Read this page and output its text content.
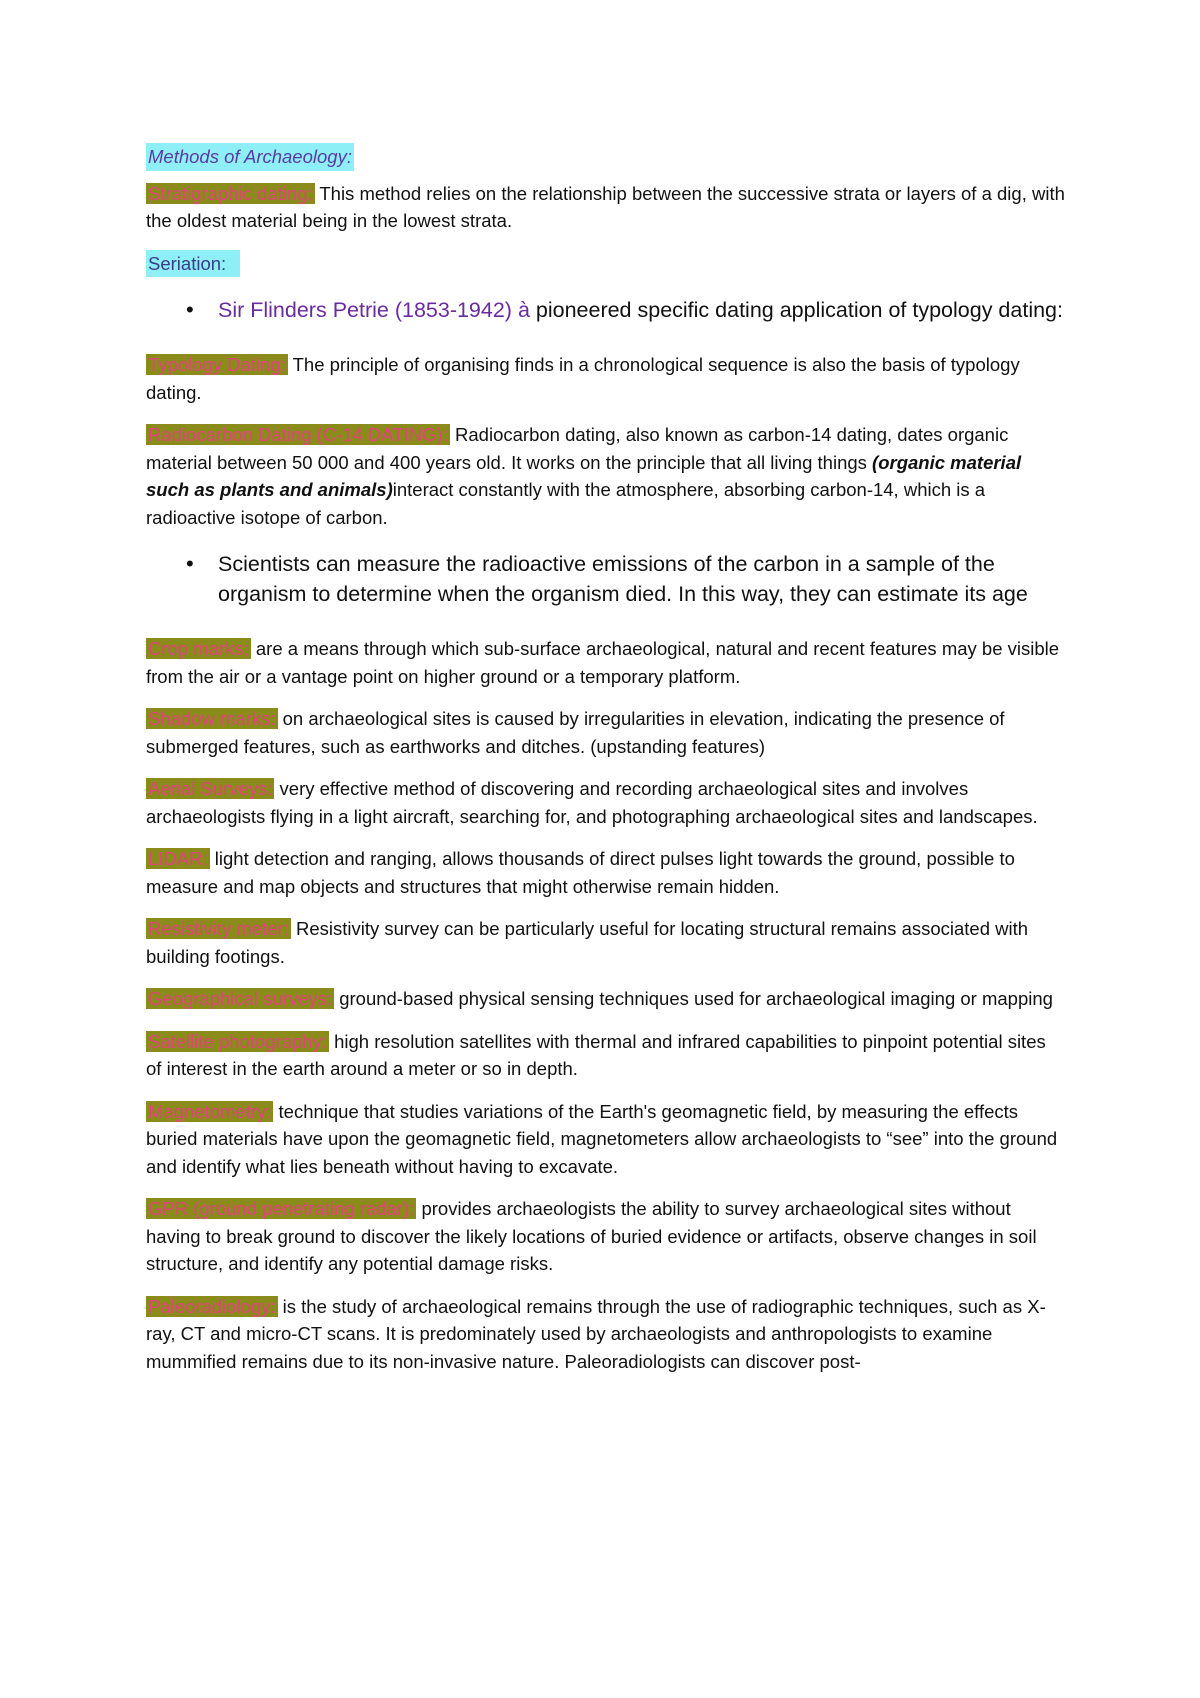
Methods of Archaeology:

Stratigraphic dating: This method relies on the relationship between the successive strata or layers of a dig, with the oldest material being in the lowest strata.

Seriation:
• Sir Flinders Petrie (1853-1942) à pioneered specific dating application of typology dating:

Typology Dating: The principle of organising finds in a chronological sequence is also the basis of typology dating.

Radiocarbon Dating (C-14 DATING): Radiocarbon dating, also known as carbon-14 dating, dates organic material between 50 000 and 400 years old. It works on the principle that all living things (organic material such as plants and animals)interact constantly with the atmosphere, absorbing carbon-14, which is a radioactive isotope of carbon.

• Scientists can measure the radioactive emissions of the carbon in a sample of the organism to determine when the organism died. In this way, they can estimate its age

Crop marks: are a means through which sub-surface archaeological, natural and recent features may be visible from the air or a vantage point on higher ground or a temporary platform.

Shadow marks: on archaeological sites is caused by irregularities in elevation, indicating the presence of submerged features, such as earthworks and ditches. (upstanding features)

Aerial Surveys: very effective method of discovering and recording archaeological sites and involves archaeologists flying in a light aircraft, searching for, and photographing archaeological sites and landscapes.

LIDAR: light detection and ranging, allows thousands of direct pulses light towards the ground, possible to measure and map objects and structures that might otherwise remain hidden.

Resistivity meter: Resistivity survey can be particularly useful for locating structural remains associated with building footings.

Geographical surveys: ground-based physical sensing techniques used for archaeological imaging or mapping

Satellite photography: high resolution satellites with thermal and infrared capabilities to pinpoint potential sites of interest in the earth around a meter or so in depth.

Magnetometry: technique that studies variations of the Earth's geomagnetic field, by measuring the effects buried materials have upon the geomagnetic field, magnetometers allow archaeologists to “see” into the ground and identify what lies beneath without having to excavate.

GPR (ground penetrating radar): provides archaeologists the ability to survey archaeological sites without having to break ground to discover the likely locations of buried evidence or artifacts, observe changes in soil structure, and identify any potential damage risks.

Paleoradiology: is the study of archaeological remains through the use of radiographic techniques, such as X-ray, CT and micro-CT scans. It is predominately used by archaeologists and anthropologists to examine mummified remains due to its non-invasive nature. Paleoradiologists can discover post-
